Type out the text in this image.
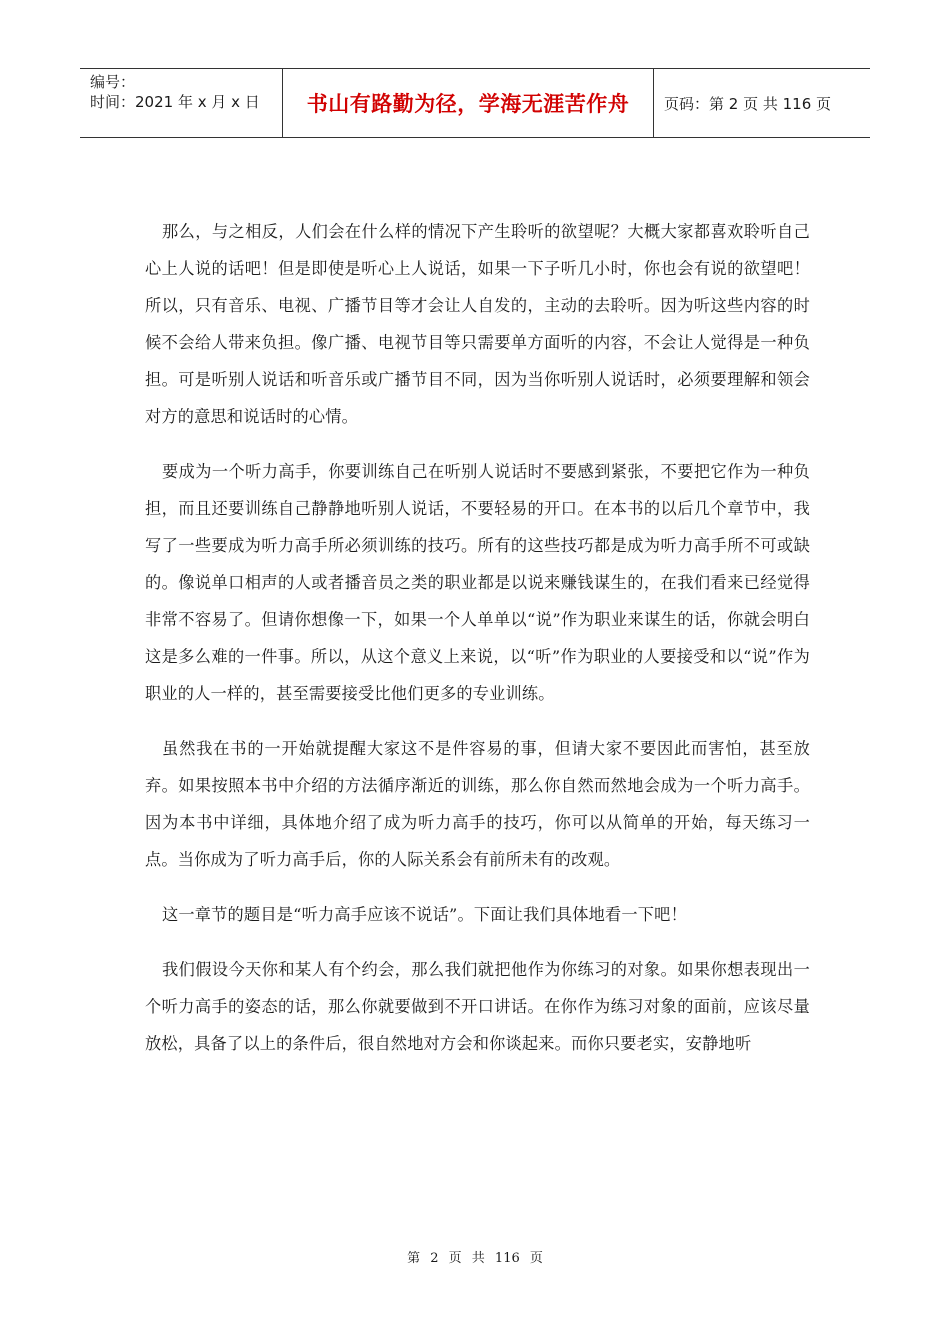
编号：
时间：2021 年 x 月 x 日	书山有路勤为径，学海无涯苦作舟 页码：第 2 页 共 116 页

那么，与之相反，人们会在什么样的情况下产生聆听的欲望呢？大概大家都喜欢聆听自己心上人说的话吧！但是即使是听心上人说话，如果一下子听几小时，你也会有说的欲望吧！所以，只有音乐、电视、广播节目等才会让人自发的，主动的去聆听。因为听这些内容的时候不会给人带来负担。像广播、电视节目等只需要单方面听的内容，不会让人觉得是一种负担。可是听别人说话和听音乐或广播节目不同，因为当你听别人说话时，必须要理解和领会对方的意思和说话时的心情。

要成为一个听力高手，你要训练自己在听别人说话时不要感到紧张，不要把它作为一种负担，而且还要训练自己静静地听别人说话，不要轻易的开口。在本书的以后几个章节中，我写了一些要成为听力高手所必须训练的技巧。所有的这些技巧都是成为听力高手所不可或缺的。像说单口相声的人或者播音员之类的职业都是以说来赚钱谋生的，在我们看来已经觉得非常不容易了。但请你想像一下，如果一个人单单以“说”作为职业来谋生的话，你就会明白这是多么难的一件事。所以，从这个意义上来说，以“听”作为职业的人要接受和以“说”作为职业的人一样的，甚至需要接受比他们更多的专业训练。

虽然我在书的一开始就提醒大家这不是件容易的事，但请大家不要因此而害怕，甚至放弃。如果按照本书中介绍的方法循序渐近的训练，那么你自然而然地会成为一个听力高手。因为本书中详细，具体地介绍了成为听力高手的技巧，你可以从简单的开始，每天练习一点。当你成为了听力高手后，你的人际关系会有前所未有的改观。

这一章节的题目是“听力高手应该不说话”。下面让我们具体地看一下吧！

我们假设今天你和某人有个约会，那么我们就把他作为你练习的对象。如果你想表现出一个听力高手的姿态的话，那么你就要做到不开口讲话。在你作为练习对象的面前，应该尽量放松，具备了以上的条件后，很自然地对方会和你谈起来。而你只要老实，安静地听

第 2 页 共 116 页
